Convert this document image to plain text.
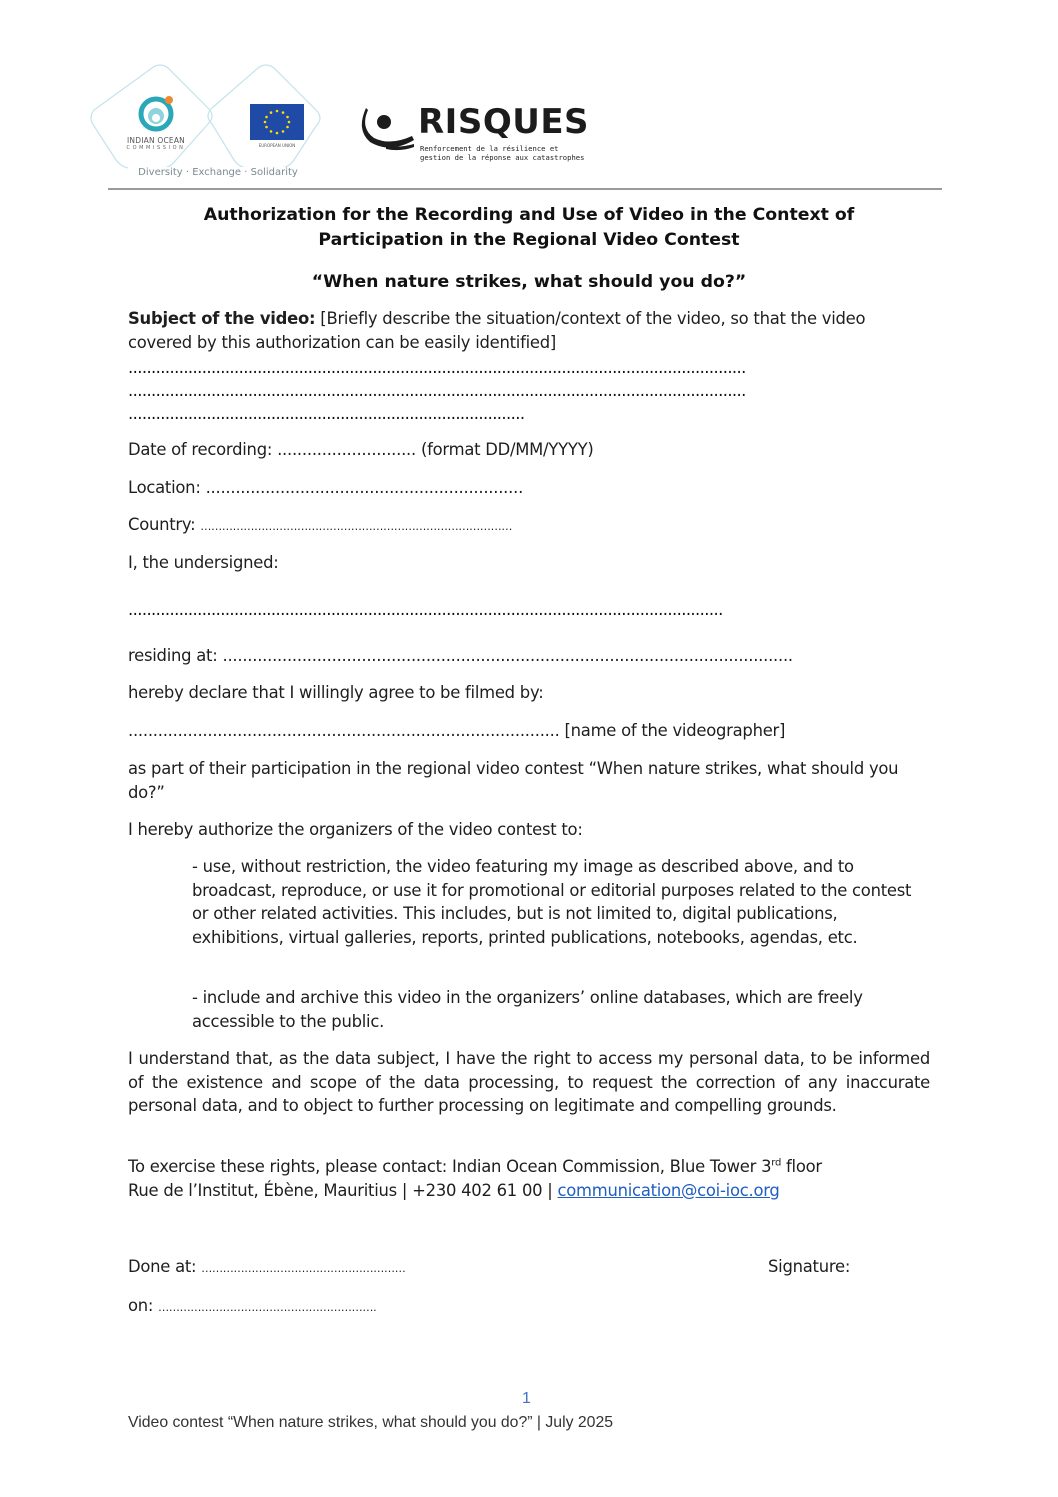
INDIAN OCEAN
COMMISSION	EUROPEAN UNION
Diversity · Exchange · Solidarity
RISQUES
Renforcement de la résilience et
gestion de la réponse aux catastrophes
Authorization for the Recording and Use of Video in the Context of
Participation in the Regional Video Contest
“When nature strikes, what should you do?”
Subject of the video: [Briefly describe the situation/context of the video, so that the video covered by this authorization can be easily identified]
......................................................................................................................................
......................................................................................................................................
......................................................................................
Date of recording: ............................ (format DD/MM/YYYY)
Location: ................................................................
Country: ……………………………………………………………………………
I, the undersigned:
.................................................................................................................................
residing at: ...................................................................................................................
hereby declare that I willingly agree to be filmed by:
....................................................................................... [name of the videographer]
as part of their participation in the regional video contest “When nature strikes, what should you do?”
I hereby authorize the organizers of the video contest to:
- use, without restriction, the video featuring my image as described above, and to broadcast, reproduce, or use it for promotional or editorial purposes related to the contest or other related activities. This includes, but is not limited to, digital publications, exhibitions, virtual galleries, reports, printed publications, notebooks, agendas, etc.
- include and archive this video in the organizers’ online databases, which are freely accessible to the public.
I understand that, as the data subject, I have the right to access my personal data, to be informed of the existence and scope of the data processing, to request the correction of any inaccurate personal data, and to object to further processing on legitimate and compelling grounds.
To exercise these rights, please contact: Indian Ocean Commission, Blue Tower 3rd floor
Rue de l’Institut, Ébène, Mauritius | +230 402 61 00 | communication@coi-ioc.org
Done at: …………………………………………………	Signature:
on: …………………………………………………….
1
Video contest “When nature strikes, what should you do?” | July 2025
